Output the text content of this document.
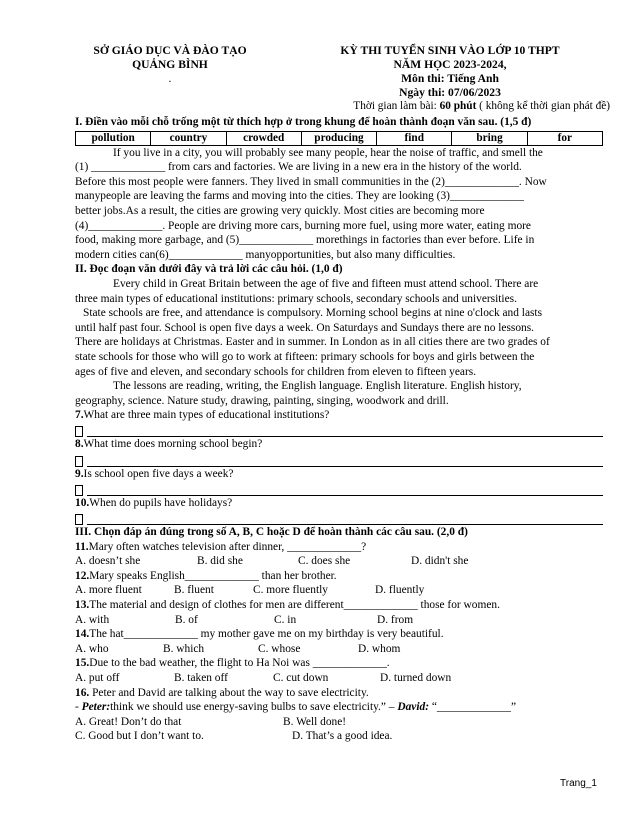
SỞ GIÁO DỤC VÀ ĐÀO TẠO
QUẢNG BÌNH
.
KỲ THI TUYỂN SINH VÀO LỚP 10 THPT
NĂM HỌC 2023-2024,
Môn thi: Tiếng Anh
Ngày thi: 07/06/2023
Thời gian làm bài: 60 phút ( không kể thời gian phát đề)
I. Điền vào mỗi chỗ trống một từ thích hợp ở trong khung để hoàn thành đoạn văn sau. (1,5 đ)
pollution	country	crowded	producing	find	bring	for

If you live in a city, you will probably see many people, hear the noise of traffic, and smell the

(1) _____________ from cars and factories. We are living in a new era in the history of the world.

Before this most people were fanners. They lived in small communities in the (2)_____________. Now

manypeople are leaving the farms and moving into the cities. They are looking (3)_____________

better jobs.As a result, the cities are growing very quickly. Most cities are becoming more

(4)_____________. People are driving more cars, burning more fuel, using more water, eating more

food, making more garbage, and (5)_____________ morethings in factories than ever before. Life in

modern cities can(6)_____________ manyopportunities, but also many difficulties.

II. Đọc đoạn văn dưới đây và trả lời các câu hỏi. (1,0 đ)

Every child in Great Britain between the age of five and fifteen must attend school. There are

three main types of educational institutions: primary schools, secondary schools and universities.

State schools are free, and attendance is compulsory. Morning school begins at nine o'clock and lasts

until half past four. School is open five days a week. On Saturdays and Sundays there are no lessons.

There are holidays at Christmas. Easter and in summer. In London as in all cities there are two grades of

state schools for those who will go to work at fifteen: primary schools for boys and girls between the

ages of five and eleven, and secondary schools for children from eleven to fifteen years.

The lessons are reading, writing, the English language. English literature. English history,

geography, science. Nature study, drawing, painting, singing, woodwork and drill.

7.What are three main types of educational institutions?

8.What time does morning school begin?

9.Is school open five days a week?

10.When do pupils have holidays?

III. Chọn đáp án đúng trong số A, B, C hoặc D để hoàn thành các câu sau. (2,0 đ)

11.Mary often watches television after dinner, _____________?

A. doesn’t she	B. did she	C. does she	D. didn't she

12.Mary speaks English_____________ than her brother.

A. more fluent	B. fluent	C. more fluently	D. fluently

13.The material and design of clothes for men are different_____________ those for women.

A. with	B. of	C. in	D. from

14.The hat_____________ my mother gave me on my birthday is very beautiful.

A. who	B. which	C. whose	D. whom

15.Due to the bad weather, the flight to Ha Noi was _____________.

A. put off	B. taken off	C. cut down	D. turned down

16. Peter and David are talking about the way to save electricity.

- Peter:think we should use energy-saving bulbs to save electricity.” – David: “_____________”

A. Great! Don’t do that	B. Well done!
C. Good but I don’t want to.	D. That’s a good idea.
Trang_1
